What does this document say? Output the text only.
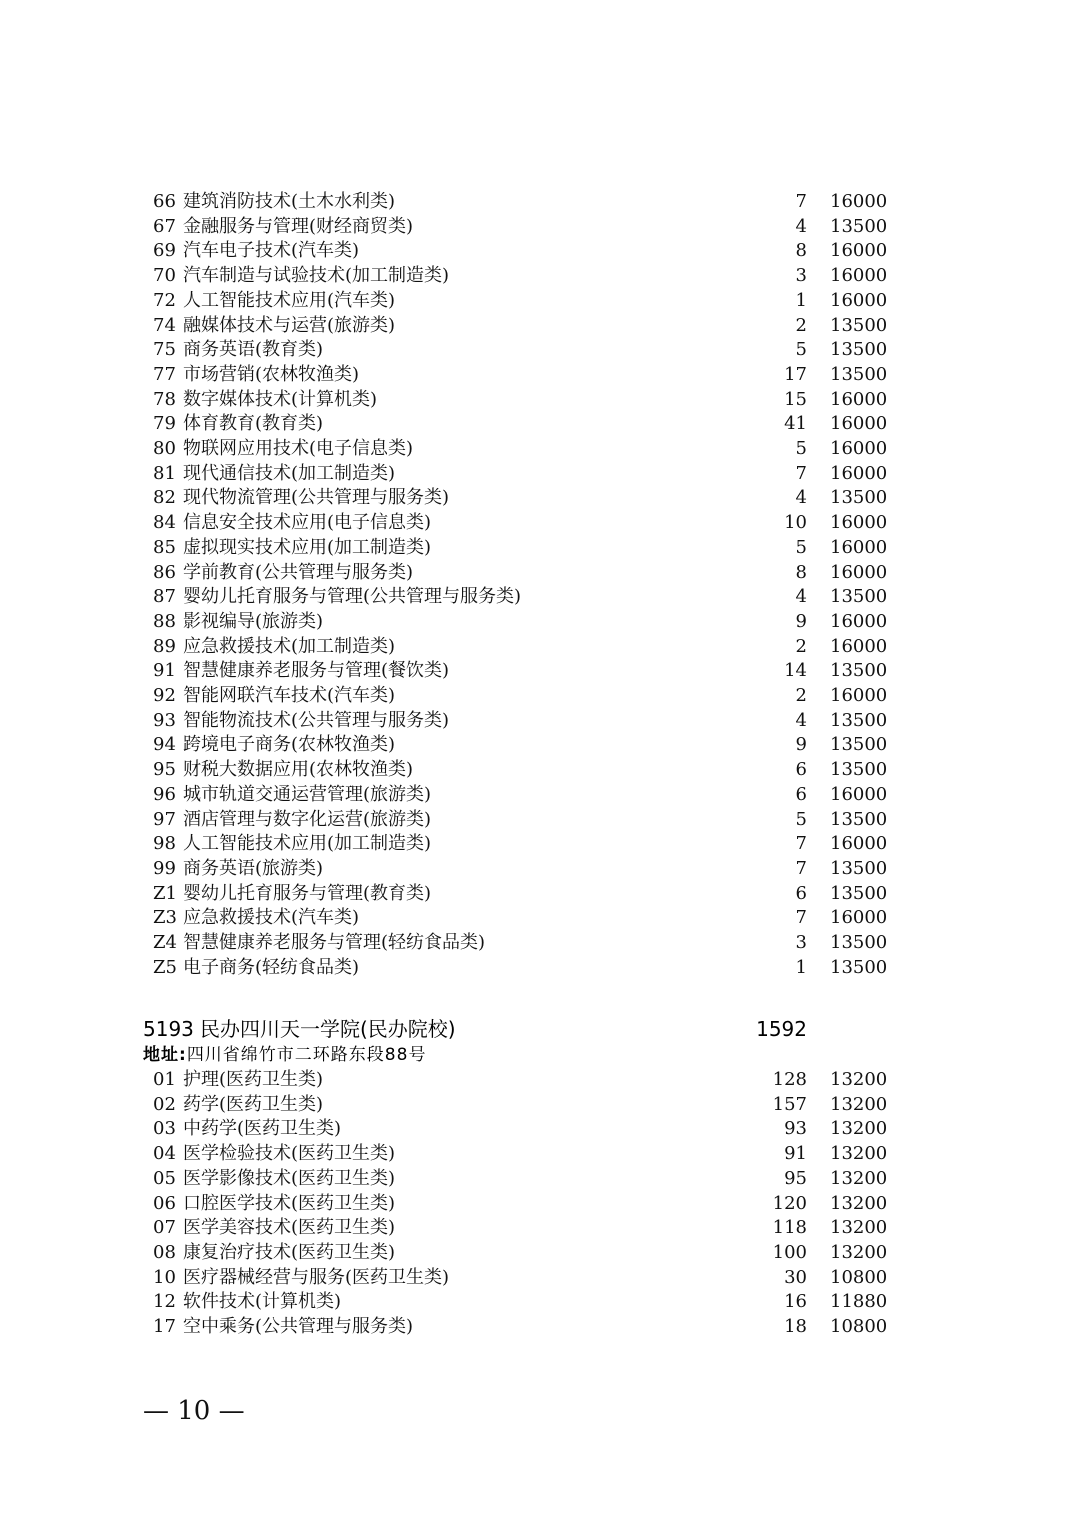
66 建筑消防技术(土木水利类)	7 16000
67 金融服务与管理(财经商贸类)	4 13500
69 汽车电子技术(汽车类)	8 16000
70 汽车制造与试验技术(加工制造类)	3 16000
72 人工智能技术应用(汽车类)	1 16000
74 融媒体技术与运营(旅游类)	2 13500
75 商务英语(教育类)	5 13500
77 市场营销(农林牧渔类)	17 13500
78 数字媒体技术(计算机类)	15 16000
79 体育教育(教育类)	41 16000
80 物联网应用技术(电子信息类)	5 16000
81 现代通信技术(加工制造类)	7 16000
82 现代物流管理(公共管理与服务类)	4 13500
84 信息安全技术应用(电子信息类)	10 16000
85 虚拟现实技术应用(加工制造类)	5 16000
86 学前教育(公共管理与服务类)	8 16000
87 婴幼儿托育服务与管理(公共管理与服务类)	4 13500
88 影视编导(旅游类)	9 16000
89 应急救援技术(加工制造类)	2 16000
91 智慧健康养老服务与管理(餐饮类)	14 13500
92 智能网联汽车技术(汽车类)	2 16000
93 智能物流技术(公共管理与服务类)	4 13500
94 跨境电子商务(农林牧渔类)	9 13500
95 财税大数据应用(农林牧渔类)	6 13500
96 城市轨道交通运营管理(旅游类)	6 16000
97 酒店管理与数字化运营(旅游类)	5 13500
98 人工智能技术应用(加工制造类)	7 16000
99 商务英语(旅游类)	7 13500
Z1 婴幼儿托育服务与管理(教育类)	6 13500
Z3 应急救援技术(汽车类)	7 16000
Z4 智慧健康养老服务与管理(轻纺食品类)	3 13500
Z5 电子商务(轻纺食品类)	1 13500
5193 民办四川天一学院(民办院校)	1592
地址:四川省绵竹市二环路东段88号
01 护理(医药卫生类)	128 13200
02 药学(医药卫生类)	157 13200
03 中药学(医药卫生类)	93 13200
04 医学检验技术(医药卫生类)	91 13200
05 医学影像技术(医药卫生类)	95 13200
06 口腔医学技术(医药卫生类)	120 13200
07 医学美容技术(医药卫生类)	118 13200
08 康复治疗技术(医药卫生类)	100 13200
10 医疗器械经营与服务(医药卫生类)	30 10800
12 软件技术(计算机类)	16 11880
17 空中乘务(公共管理与服务类)	18 10800
— 10 —
